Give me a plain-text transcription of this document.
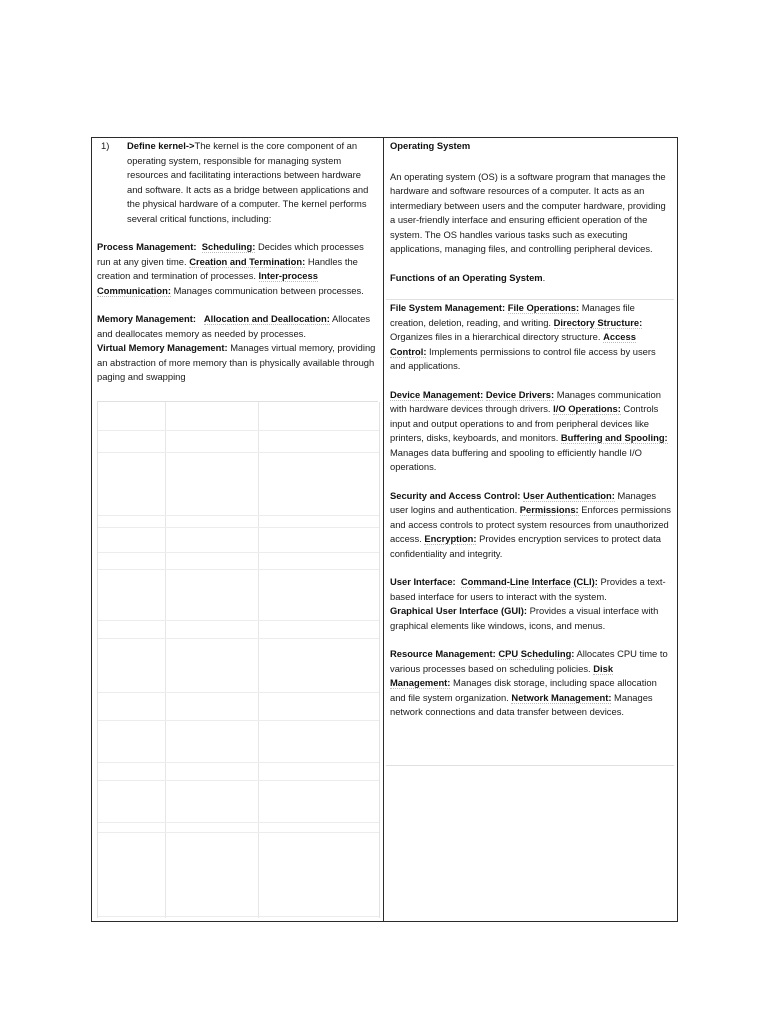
1)	Define kernel->The kernel is the core component of an operating system, responsible for managing system resources and facilitating interactions between hardware and software. It acts as a bridge between applications and the physical hardware of a computer. The kernel performs several critical functions, including:
Process Management: Scheduling: Decides which processes run at any given time. Creation and Termination: Handles the creation and termination of processes. Inter-process Communication: Manages communication between processes.
Memory Management: Allocation and Deallocation: Allocates and deallocates memory as needed by processes.
Virtual Memory Management: Manages virtual memory, providing an abstraction of more memory than is physically available through paging and swapping
Operating System
An operating system (OS) is a software program that manages the hardware and software resources of a computer. It acts as an intermediary between users and the computer hardware, providing a user-friendly interface and ensuring efficient operation of the system. The OS handles various tasks such as executing applications, managing files, and controlling peripheral devices.
Functions of an Operating System.
File System Management: File Operations: Manages file creation, deletion, reading, and writing. Directory Structure: Organizes files in a hierarchical directory structure. Access Control: Implements permissions to control file access by users and applications.
Device Management: Device Drivers: Manages communication with hardware devices through drivers. I/O Operations: Controls input and output operations to and from peripheral devices like printers, disks, keyboards, and monitors. Buffering and Spooling: Manages data buffering and spooling to efficiently handle I/O operations.
Security and Access Control: User Authentication: Manages user logins and authentication. Permissions: Enforces permissions and access controls to protect system resources from unauthorized access. Encryption: Provides encryption services to protect data confidentiality and integrity.
User Interface: Command-Line Interface (CLI): Provides a text-based interface for users to interact with the system.
Graphical User Interface (GUI): Provides a visual interface with graphical elements like windows, icons, and menus.
Resource Management: CPU Scheduling: Allocates CPU time to various processes based on scheduling policies. Disk Management: Manages disk storage, including space allocation and file system organization. Network Management: Manages network connections and data transfer between devices.
